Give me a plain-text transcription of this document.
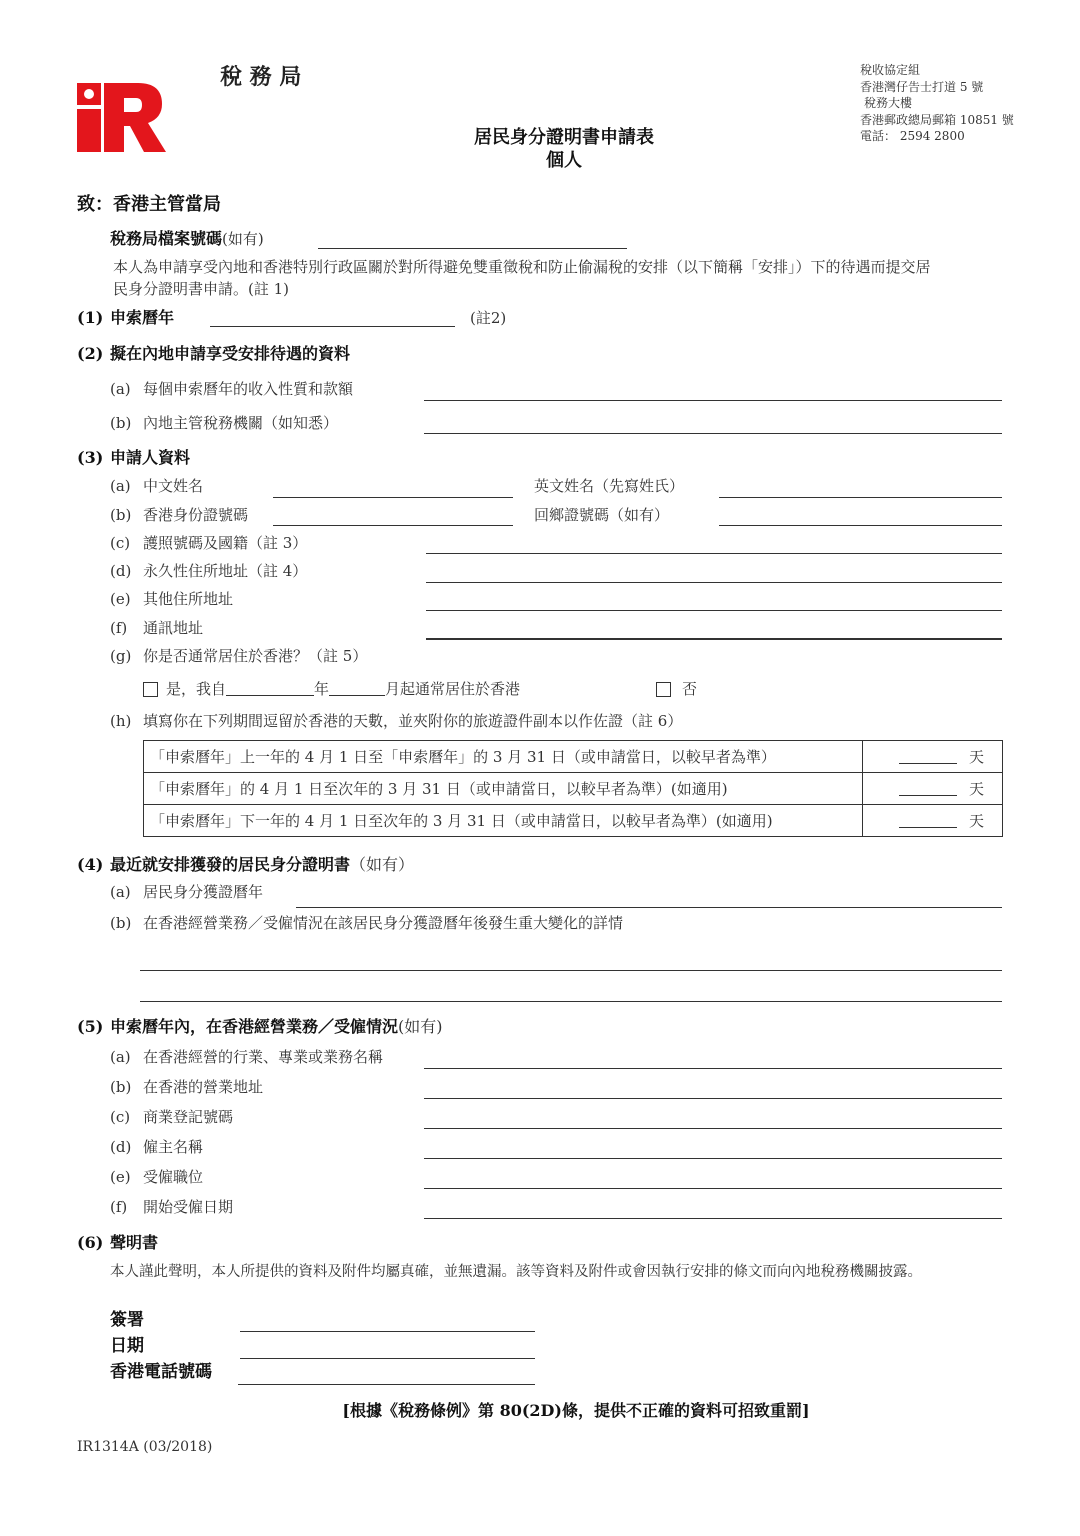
稅 務 局	稅收協定組
香港灣仔告士打道 5 號
稅務大樓
香港郵政總局郵箱 10851 號
電話： 2594 2800
居民身分證明書申請表
個人
致：香港主管當局
稅務局檔案號碼(如有)
本人為申請享受內地和香港特別行政區關於對所得避免雙重徵稅和防止偷漏稅的安排（以下簡稱「安排」）下的待遇而提交居
民身分證明書申請。(註 1)
(1) 申索曆年	(註2)
(2) 擬在內地申請享受安排待遇的資料
(a) 每個申索曆年的收入性質和款額
(b) 內地主管稅務機關（如知悉）
(3) 申請人資料
(a) 中文姓名	英文姓名（先寫姓氏）
(b) 香港身份證號碼	回鄉證號碼（如有）
(c) 護照號碼及國籍（註 3）
(d) 永久性住所地址（註 4）
(e) 其他住所地址
(f) 通訊地址
(g) 你是否通常居住於香港？（註 5）
是，我自	年	月起通常居住於香港	否
(h) 填寫你在下列期間逗留於香港的天數，並夾附你的旅遊證件副本以作佐證（註 6）
「申索曆年」上一年的 4 月 1 日至「申索曆年」的 3 月 31 日（或申請當日，以較早者為準）	天
「申索曆年」的 4 月 1 日至次年的 3 月 31 日（或申請當日，以較早者為準）(如適用)	天
「申索曆年」下一年的 4 月 1 日至次年的 3 月 31 日（或申請當日，以較早者為準）(如適用)	天
(4) 最近就安排獲發的居民身分證明書（如有）
(a) 居民身分獲證曆年
(b) 在香港經營業務／受僱情況在該居民身分獲證曆年後發生重大變化的詳情
(5) 申索曆年內，在香港經營業務／受僱情況(如有)
(a) 在香港經營的行業、專業或業務名稱
(b) 在香港的營業地址
(c) 商業登記號碼
(d) 僱主名稱
(e) 受僱職位
(f) 開始受僱日期
(6) 聲明書
本人謹此聲明，本人所提供的資料及附件均屬真確，並無遺漏。該等資料及附件或會因執行安排的條文而向內地稅務機關披露。
簽署
日期
香港電話號碼
[根據《稅務條例》第 80(2D)條，提供不正確的資料可招致重罰]
IR1314A (03/2018)
